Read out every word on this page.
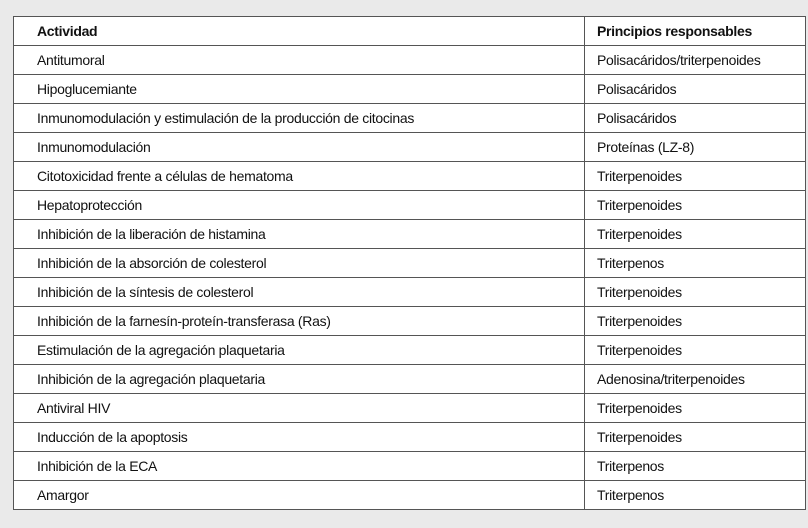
Actividad	Principios responsables
Antitumoral	Polisacáridos/triterpenoides
Hipoglucemiante	Polisacáridos
Inmunomodulación y estimulación de la producción de citocinas	Polisacáridos
Inmunomodulación	Proteínas (LZ-8)
Citotoxicidad frente a células de hematoma	Triterpenoides
Hepatoprotección	Triterpenoides
Inhibición de la liberación de histamina	Triterpenoides
Inhibición de la absorción de colesterol	Triterpenos
Inhibición de la síntesis de colesterol	Triterpenoides
Inhibición de la farnesín-proteín-transferasa (Ras)	Triterpenoides
Estimulación de la agregación plaquetaria	Triterpenoides
Inhibición de la agregación plaquetaria	Adenosina/triterpenoides
Antiviral HIV	Triterpenoides
Inducción de la apoptosis	Triterpenoides
Inhibición de la ECA	Triterpenos
Amargor	Triterpenos
